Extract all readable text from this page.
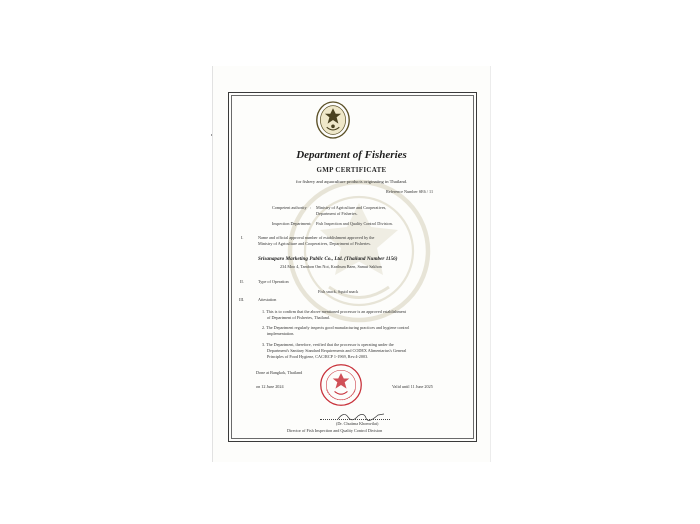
Department of Fisheries
GMP CERTIFICATE
for fishery and aquaculture products originating in Thailand.
Reference Number SE6 / 11
Competent authority : Ministry of Agriculture and Cooperatives,
Department of Fisheries.
Inspection Department : Fish Inspection and Quality Control Division.
I.	Name and official approval number of establishment approved by the
Ministry of Agriculture and Cooperatives, Department of Fisheries.
Srisanaparo Marketing Public Co., Ltd. (Thailand Number 1156)
234 Moo 4, Tambon Om Noi, Krathum Baen, Samut Sakhon
II.	Type of Operation
Fish snack, Squid snack
III.	Attestation
1. This is to confirm that the above mentioned processor is an approved establishment
of Department of Fisheries, Thailand.
2. The Department regularly inspects good manufacturing practices and hygiene control
implementation.
3. The Department, therefore, verified that the processor is operating under the
Department's Sanitary Standard Requirements and CODEX Alimentarius's General
Principles of Food Hygiene, CAC/RCP 1-1969, Rev.4-2003.
Done at Bangkok, Thailand
on 12 June 2024	Valid until 11 June 2025
(Dr. Chutima Khomvilai)
Director of Fish Inspection and Quality Control Division
